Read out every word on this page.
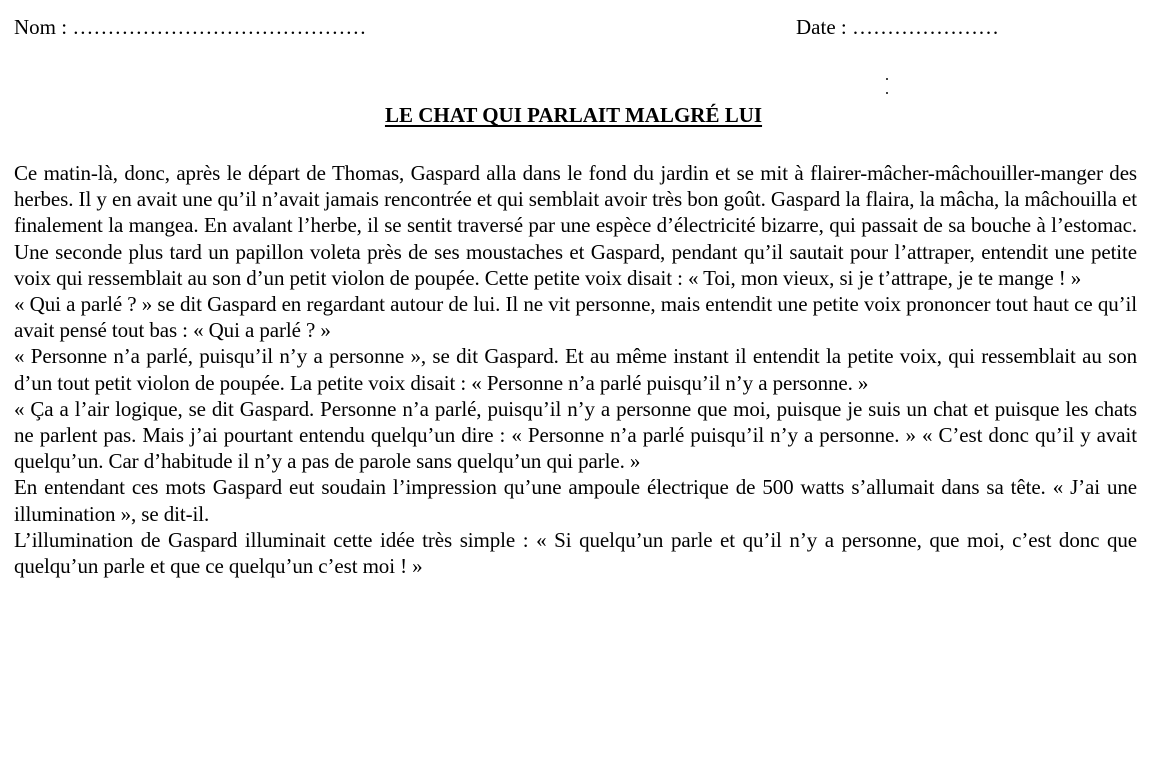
Nom : ……………………………………	Date : …………………
LE CHAT QUI PARLAIT MALGRÉ LUI

Ce matin-là, donc, après le départ de Thomas, Gaspard alla dans le fond du jardin et se mit à flairer-mâcher-mâchouiller-manger des herbes. Il y en avait une qu’il n’avait jamais rencontrée et qui semblait avoir très bon goût. Gaspard la flaira, la mâcha, la mâchouilla et finalement la mangea. En avalant l’herbe, il se sentit traversé par une espèce d’électricité bizarre, qui passait de sa bouche à l’estomac. Une seconde plus tard un papillon voleta près de ses moustaches et Gaspard, pendant qu’il sautait pour l’attraper, entendit une petite voix qui ressemblait au son d’un petit violon de poupée. Cette petite voix disait : « Toi, mon vieux, si je t’attrape, je te mange ! »

« Qui a parlé ? » se dit Gaspard en regardant autour de lui. Il ne vit personne, mais entendit une petite voix prononcer tout haut ce qu’il avait pensé tout bas : « Qui a parlé ? »

« Personne n’a parlé, puisqu’il n’y a personne », se dit Gaspard. Et au même instant il entendit la petite voix, qui ressemblait au son d’un tout petit violon de poupée. La petite voix disait : « Personne n’a parlé puisqu’il n’y a personne. »

« Ça a l’air logique, se dit Gaspard. Personne n’a parlé, puisqu’il n’y a personne que moi, puisque je suis un chat et puisque les chats ne parlent pas. Mais j’ai pourtant entendu quelqu’un dire : « Personne n’a parlé puisqu’il n’y a personne. » « C’est donc qu’il y avait quelqu’un. Car d’habitude il n’y a pas de parole sans quelqu’un qui parle. »

En entendant ces mots Gaspard eut soudain l’impression qu’une ampoule électrique de 500 watts s’allumait dans sa tête. « J’ai une illumination », se dit-il.

L’illumination de Gaspard illuminait cette idée très simple : « Si quelqu’un parle et qu’il n’y a personne, que moi, c’est donc que quelqu’un parle et que ce quelqu’un c’est moi ! »
